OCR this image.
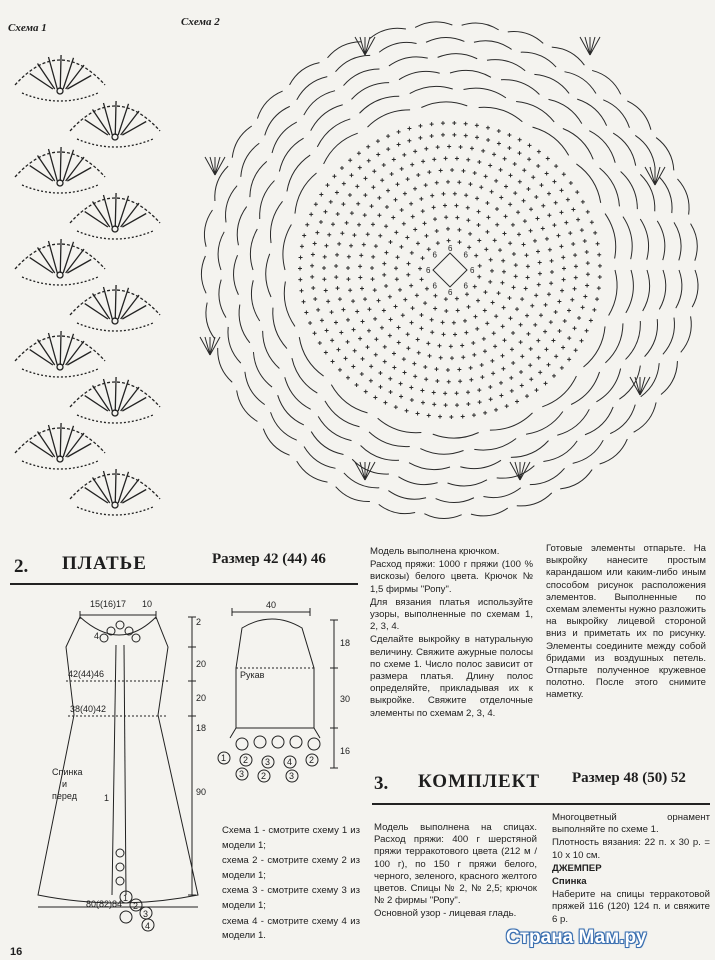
Схема 1	Схема 2
6
6
6
6
6
6
6
6
2. ПЛАТЬЕ	Размер 42 (44) 46
15(16)17 10
42(44)46
38(40)42
Спинка
и
перед	1
2
20
20
18
90
80(82)84
4
1
2
3
4
40
Рукав
18
30
16
1 2 3 4 2
3 2	3

Схема 1 - смотрите схему 1 из модели 1;

схема 2 - смотрите схему 2 из модели 1;

схема 3 - смотрите схему 3 из модели 1;

схема 4 - смотрите схему 4 из модели 1.

Модель выполнена крючком.

Расход пряжи: 1000 г пряжи (100 % вискозы) белого цвета. Крючок № 1,5 фирмы "Ропу".

Для вязания платья используйте узоры, выполненные по схемам 1, 2, 3, 4.

Сделайте выкройку в натуральную величину. Свяжите ажурные полосы по схеме 1. Число полос зависит от размера платья. Длину полос определяйте, прикладывая их к выкройке. Свяжите отделочные элементы по схемам 2, 3, 4.

Готовые элементы отпарьте. На выкройку нанесите простым карандашом или каким-либо иным способом рисунок расположения элементов. Выполненные по схемам элементы нужно разложить на выкройку лицевой стороной вниз и приметать их по рисунку. Элементы соедините между собой бридами из воздушных петель. Отпарьте полученное кружевное полотно. После этого снимите наметку.

3. КОМПЛЕКТ Размер 48 (50) 52

Модель выполнена на спицах. Расход пряжи: 400 г шерстяной пряжи терракотового цвета (212 м / 100 г), по 150 г пряжи белого, черного, зеленого, красного желтого цветов. Спицы № 2, № 2,5; крючок № 2 фирмы "Ропу".

Основной узор - лицевая гладь.

Многоцветный орнамент выполняйте по схеме 1.

Плотность вязания: 22 п. х 30 р. = 10 х 10 см.

ДЖЕМПЕР

Спинка

Наберите на спицы терракотовой пряжей 116 (120) 124 п. и свяжите 6 р.

16
Страна Мам.ру
